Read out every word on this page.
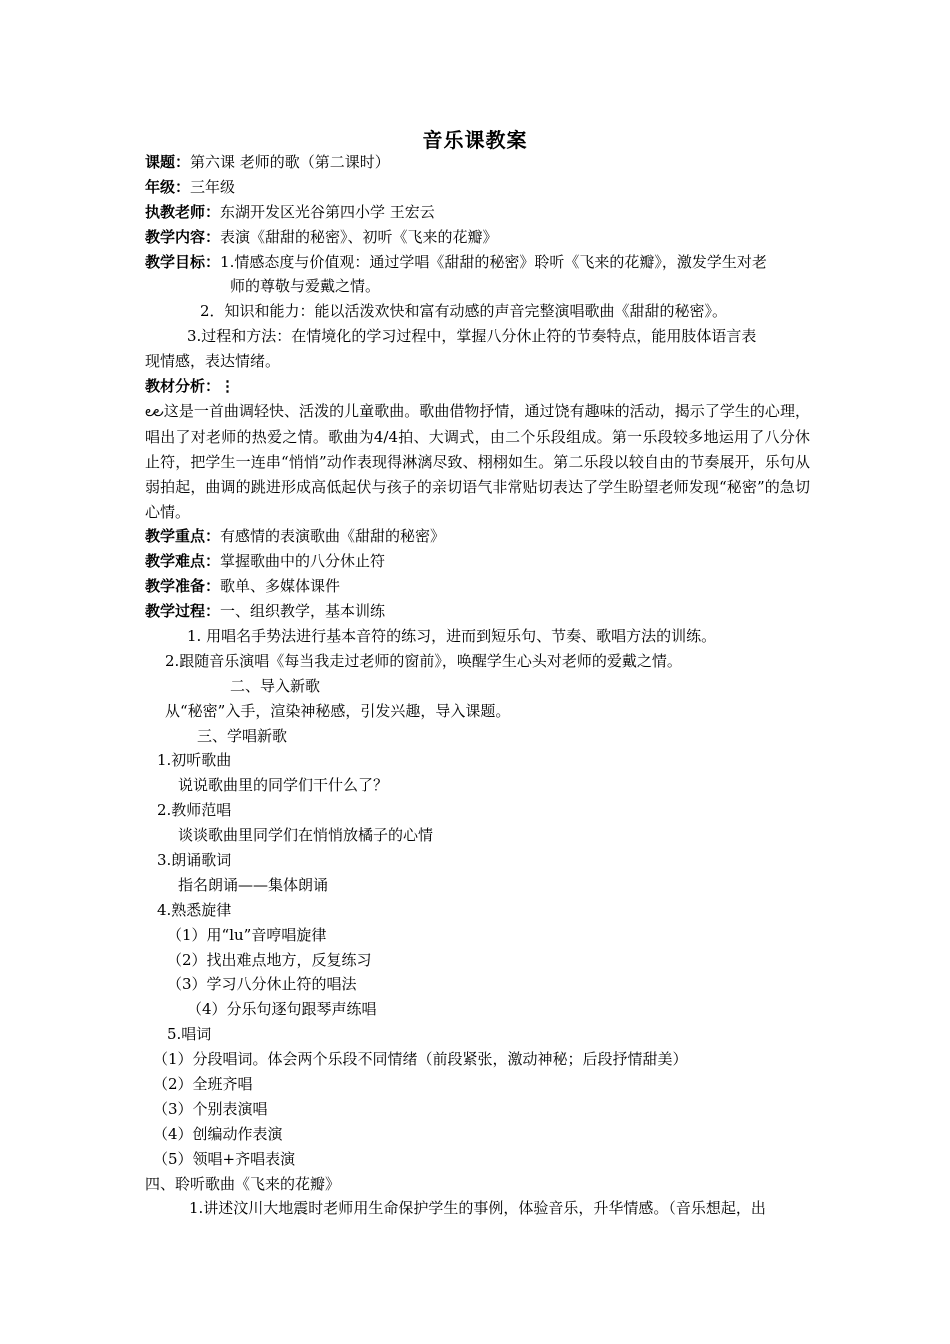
音乐课教案
课题：第六课 老师的歌（第二课时）
年级：三年级
执教老师：东湖开发区光谷第四小学 王宏云
教学内容：表演《甜甜的秘密》、初听《飞来的花瓣》
教学目标：1.情感态度与价值观：通过学唱《甜甜的秘密》聆听《飞来的花瓣》，激发学生对老
师的尊敬与爱戴之情。
2．知识和能力：能以活泼欢快和富有动感的声音完整演唱歌曲《甜甜的秘密》。
3.过程和方法：在情境化的学习过程中，掌握八分休止符的节奏特点，能用肢体语言表
现情感，表达情绪。
教材分析：⋮
౿౿ 这是一首曲调轻快、活泼的儿童歌曲。歌曲借物抒情，通过饶有趣味的活动，揭示了学生的心理，唱出了对老师的热爱之情。歌曲为4/4拍、大调式，由二个乐段组成。第一乐段较多地运用了八分休止符，把学生一连串“悄悄”动作表现得淋漓尽致、栩栩如生。第二乐段以较自由的节奏展开，乐句从弱拍起，曲调的跳进形成高低起伏与孩子的亲切语气非常贴切表达了学生盼望老师发现“秘密”的急切心情。
教学重点：有感情的表演歌曲《甜甜的秘密》
教学难点：掌握歌曲中的八分休止符
教学准备：歌单、多媒体课件
教学过程：一、组织教学，基本训练
1. 用唱名手势法进行基本音符的练习，进而到短乐句、节奏、歌唱方法的训练。
2.跟随音乐演唱《每当我走过老师的窗前》，唤醒学生心头对老师的爱戴之情。
二、导入新歌
从“秘密”入手，渲染神秘感，引发兴趣，导入课题。
三、学唱新歌
1.初听歌曲
说说歌曲里的同学们干什么了？
2.教师范唱
谈谈歌曲里同学们在悄悄放橘子的心情
3.朗诵歌词
指名朗诵——集体朗诵
4.熟悉旋律
（1）用“lu”音哼唱旋律
（2）找出难点地方，反复练习
（3）学习八分休止符的唱法
（4）分乐句逐句跟琴声练唱
5.唱词
（1）分段唱词。体会两个乐段不同情绪（前段紧张，激动神秘；后段抒情甜美）
（2）全班齐唱
（3）个别表演唱
（4）创编动作表演
（5）领唱+齐唱表演
四、聆听歌曲《飞来的花瓣》
1.讲述汶川大地震时老师用生命保护学生的事例，体验音乐，升华情感。（音乐想起，出
